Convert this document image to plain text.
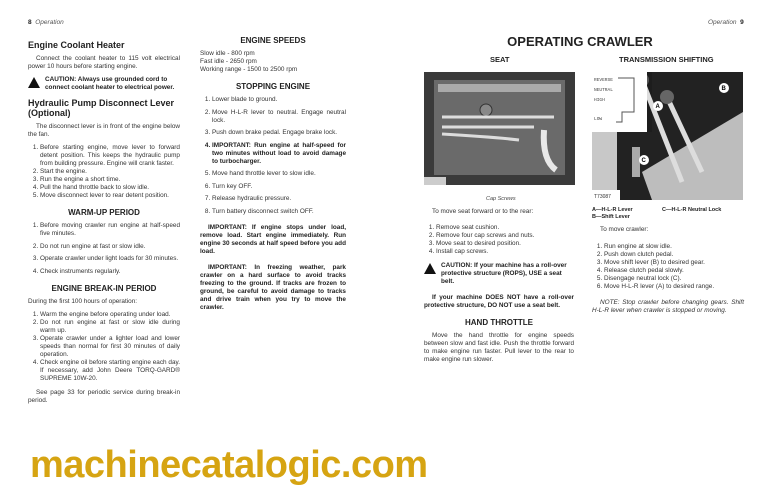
8 Operation	Operation 9
Engine Coolant Heater

Connect the coolant heater to 115 volt electrical power 10 hours before starting engine.

CAUTION: Always use grounded cord to connect coolant heater to electrical power.
Hydraulic Pump Disconnect Lever (Optional)

The disconnect lever is in front of the engine below the fan.

1. Before starting engine, move lever to forward detent position. This keeps the hydraulic pump from building pressure. Engine will crank faster.
2. Start the engine.
3. Run the engine a short time.
4. Pull the hand throttle back to slow idle.
5. Move disconnect lever to rear detent position.
WARM-UP PERIOD
1. Before moving crawler run engine at half-speed five minutes.
2. Do not run engine at fast or slow idle.
3. Operate crawler under light loads for 30 minutes.
4. Check instruments regularly.
ENGINE BREAK-IN PERIOD

During the first 100 hours of operation:

1. Warm the engine before operating under load.
2. Do not run engine at fast or slow idle during warm up.
3. Operate crawler under a lighter load and lower speeds than normal for first 30 minutes of daily operation.
4. Check engine oil before starting engine each day. If necessary, add John Deere TORQ-GARD® SUPREME 10W-20.

See page 33 for periodic service during break-in period.

ENGINE SPEEDS
Slow idle - 800 rpm
Fast idle - 2650 rpm
Working range - 1500 to 2500 rpm
STOPPING ENGINE
1. Lower blade to ground.
2. Move H-L-R lever to neutral. Engage neutral lock.
3. Push down brake pedal. Engage brake lock.
4. IMPORTANT: Run engine at half-speed for two minutes without load to avoid damage to turbocharger.
5. Move hand throttle lever to slow idle.
6. Turn key OFF.
7. Release hydraulic pressure.
8. Turn battery disconnect switch OFF.

IMPORTANT: If engine stops under load, remove load. Start engine immediately. Run engine 30 seconds at half speed before you add load.

IMPORTANT: In freezing weather, park crawler on a hard surface to avoid tracks freezing to the ground. If tracks are frozen to ground, be careful to avoid damage to tracks and drive train when you try to move the crawler.

OPERATING CRAWLER
SEAT	TRANSMISSION SHIFTING
Cap Screws
REVERSE
NEUTRAL
HIGH
LOW
A
B
C
T73087

To move seat forward or to the rear:

1. Remove seat cushion.
2. Remove four cap screws and nuts.
3. Move seat to desired position.
4. Install cap screws.
CAUTION: If your machine has a roll-over protective structure (ROPS), USE a seat belt.

If your machine DOES NOT have a roll-over protective structure, DO NOT use a seat belt.

HAND THROTTLE

Move the hand throttle for engine speeds between slow and fast idle. Push the throttle forward to make engine run faster. Pull lever to the rear to make engine run slower.

A—H-L-R Lever
B—Shift Lever
C—H-L-R Neutral Lock

To move crawler:

1. Run engine at slow idle.
2. Push down clutch pedal.
3. Move shift lever (B) to desired gear.
4. Release clutch pedal slowly.
5. Disengage neutral lock (C).
6. Move H-L-R lever (A) to desired range.

NOTE: Stop crawler before changing gears. Shift H-L-R lever when crawler is stopped or moving.

machinecatalogic.com
